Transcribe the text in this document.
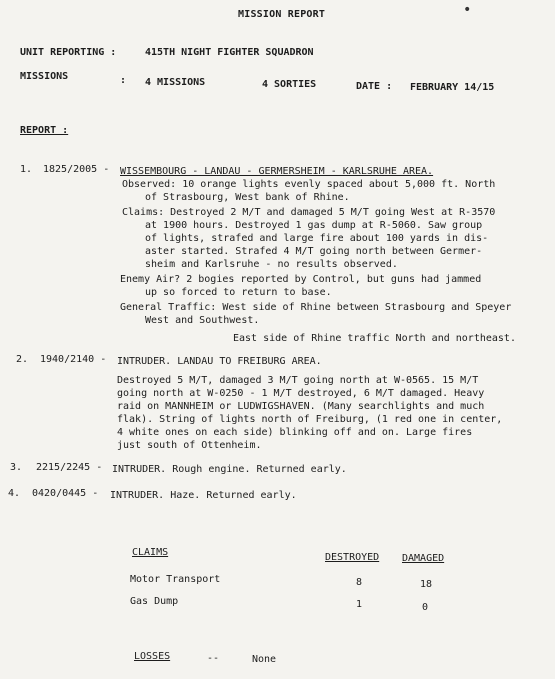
•
MISSION REPORT
UNIT REPORTING :	415TH NIGHT FIGHTER SQUADRON
MISSIONS	: 4 MISSIONS	4 SORTIES	DATE : FEBRUARY 14/15
REPORT :
1. 1825/2005 - WISSEMBOURG - LANDAU - GERMERSHEIM - KARLSRUHE AREA.
Observed: 10 orange lights evenly spaced about 5,000 ft. North
of Strasbourg, West bank of Rhine.
Claims: Destroyed 2 M/T and damaged 5 M/T going West at R-3570
at 1900 hours. Destroyed 1 gas dump at R-5060. Saw group
of lights, strafed and large fire about 100 yards in dis-
aster started. Strafed 4 M/T going north between Germer-
sheim and Karlsruhe - no results observed.
Enemy Air? 2 bogies reported by Control, but guns had jammed
up so forced to return to base.
General Traffic: West side of Rhine between Strasbourg and Speyer
West and Southwest.
East side of Rhine traffic North and northeast.
2. 1940/2140 - INTRUDER. LANDAU TO FREIBURG AREA.
Destroyed 5 M/T, damaged 3 M/T going north at W-0565. 15 M/T
going north at W-0250 - 1 M/T destroyed, 6 M/T damaged. Heavy
raid on MANNHEIM or LUDWIGSHAVEN. (Many searchlights and much
flak). String of lights north of Freiburg, (1 red one in center,
4 white ones on each side) blinking off and on. Large fires
just south of Ottenheim.
3. 2215/2245 - INTRUDER. Rough engine. Returned early.
4. 0420/0445 - INTRUDER. Haze. Returned early.
CLAIMS	DESTROYED DAMAGED
Motor Transport	8	18
Gas Dump	1	0
LOSSES	--	None
